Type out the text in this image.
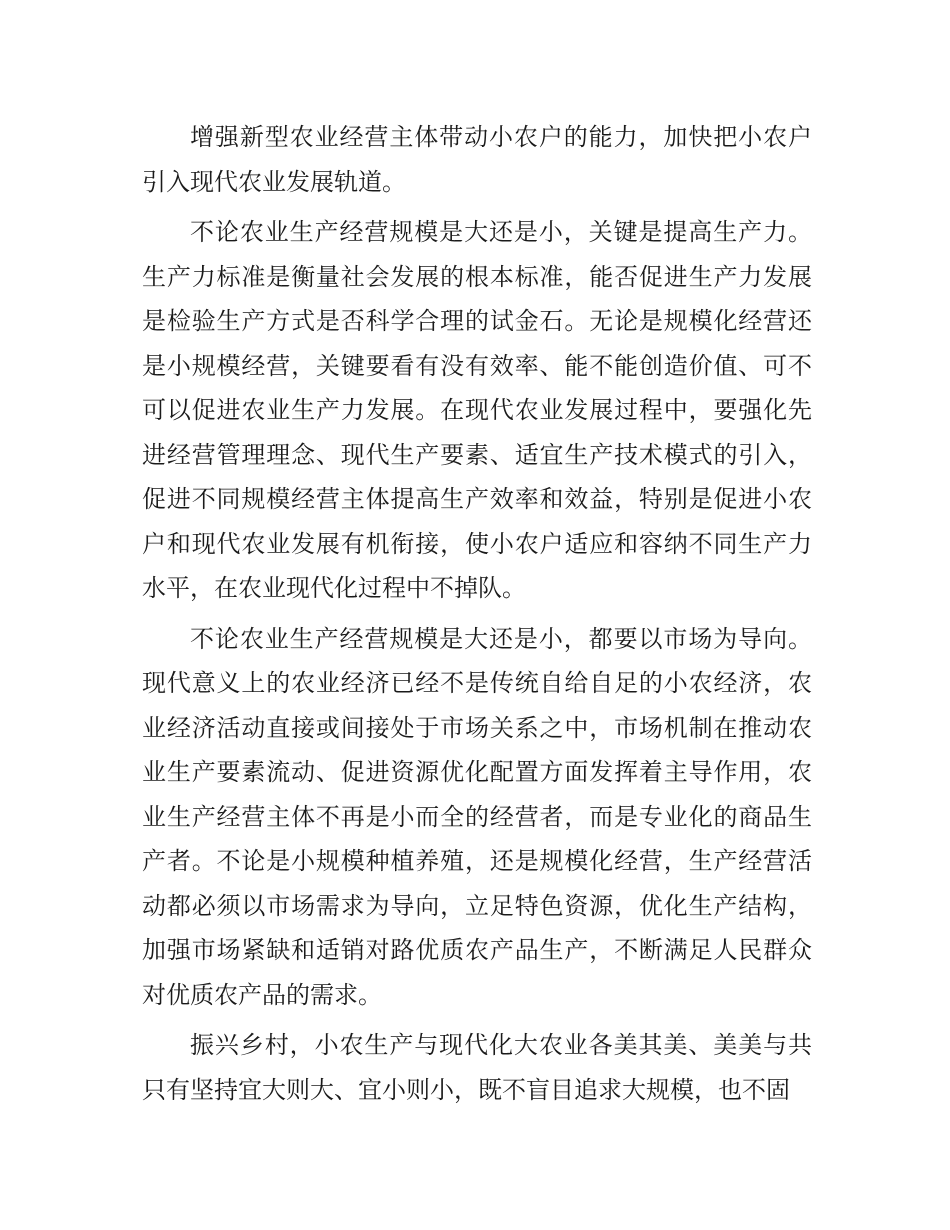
增强新型农业经营主体带动小农户的能力，加快把小农户引入现代农业发展轨道。

不论农业生产经营规模是大还是小，关键是提高生产力。生产力标准是衡量社会发展的根本标准，能否促进生产力发展是检验生产方式是否科学合理的试金石。无论是规模化经营还是小规模经营，关键要看有没有效率、能不能创造价值、可不可以促进农业生产力发展。在现代农业发展过程中，要强化先进经营管理理念、现代生产要素、适宜生产技术模式的引入，促进不同规模经营主体提高生产效率和效益，特别是促进小农户和现代农业发展有机衔接，使小农户适应和容纳不同生产力水平，在农业现代化过程中不掉队。

不论农业生产经营规模是大还是小，都要以市场为导向。现代意义上的农业经济已经不是传统自给自足的小农经济，农业经济活动直接或间接处于市场关系之中，市场机制在推动农业生产要素流动、促进资源优化配置方面发挥着主导作用，农业生产经营主体不再是小而全的经营者，而是专业化的商品生产者。不论是小规模种植养殖，还是规模化经营，生产经营活动都必须以市场需求为导向，立足特色资源，优化生产结构，加强市场紧缺和适销对路优质农产品生产，不断满足人民群众对优质农产品的需求。

振兴乡村，小农生产与现代化大农业各美其美、美美与共只有坚持宜大则大、宜小则小，既不盲目追求大规模，也不固
